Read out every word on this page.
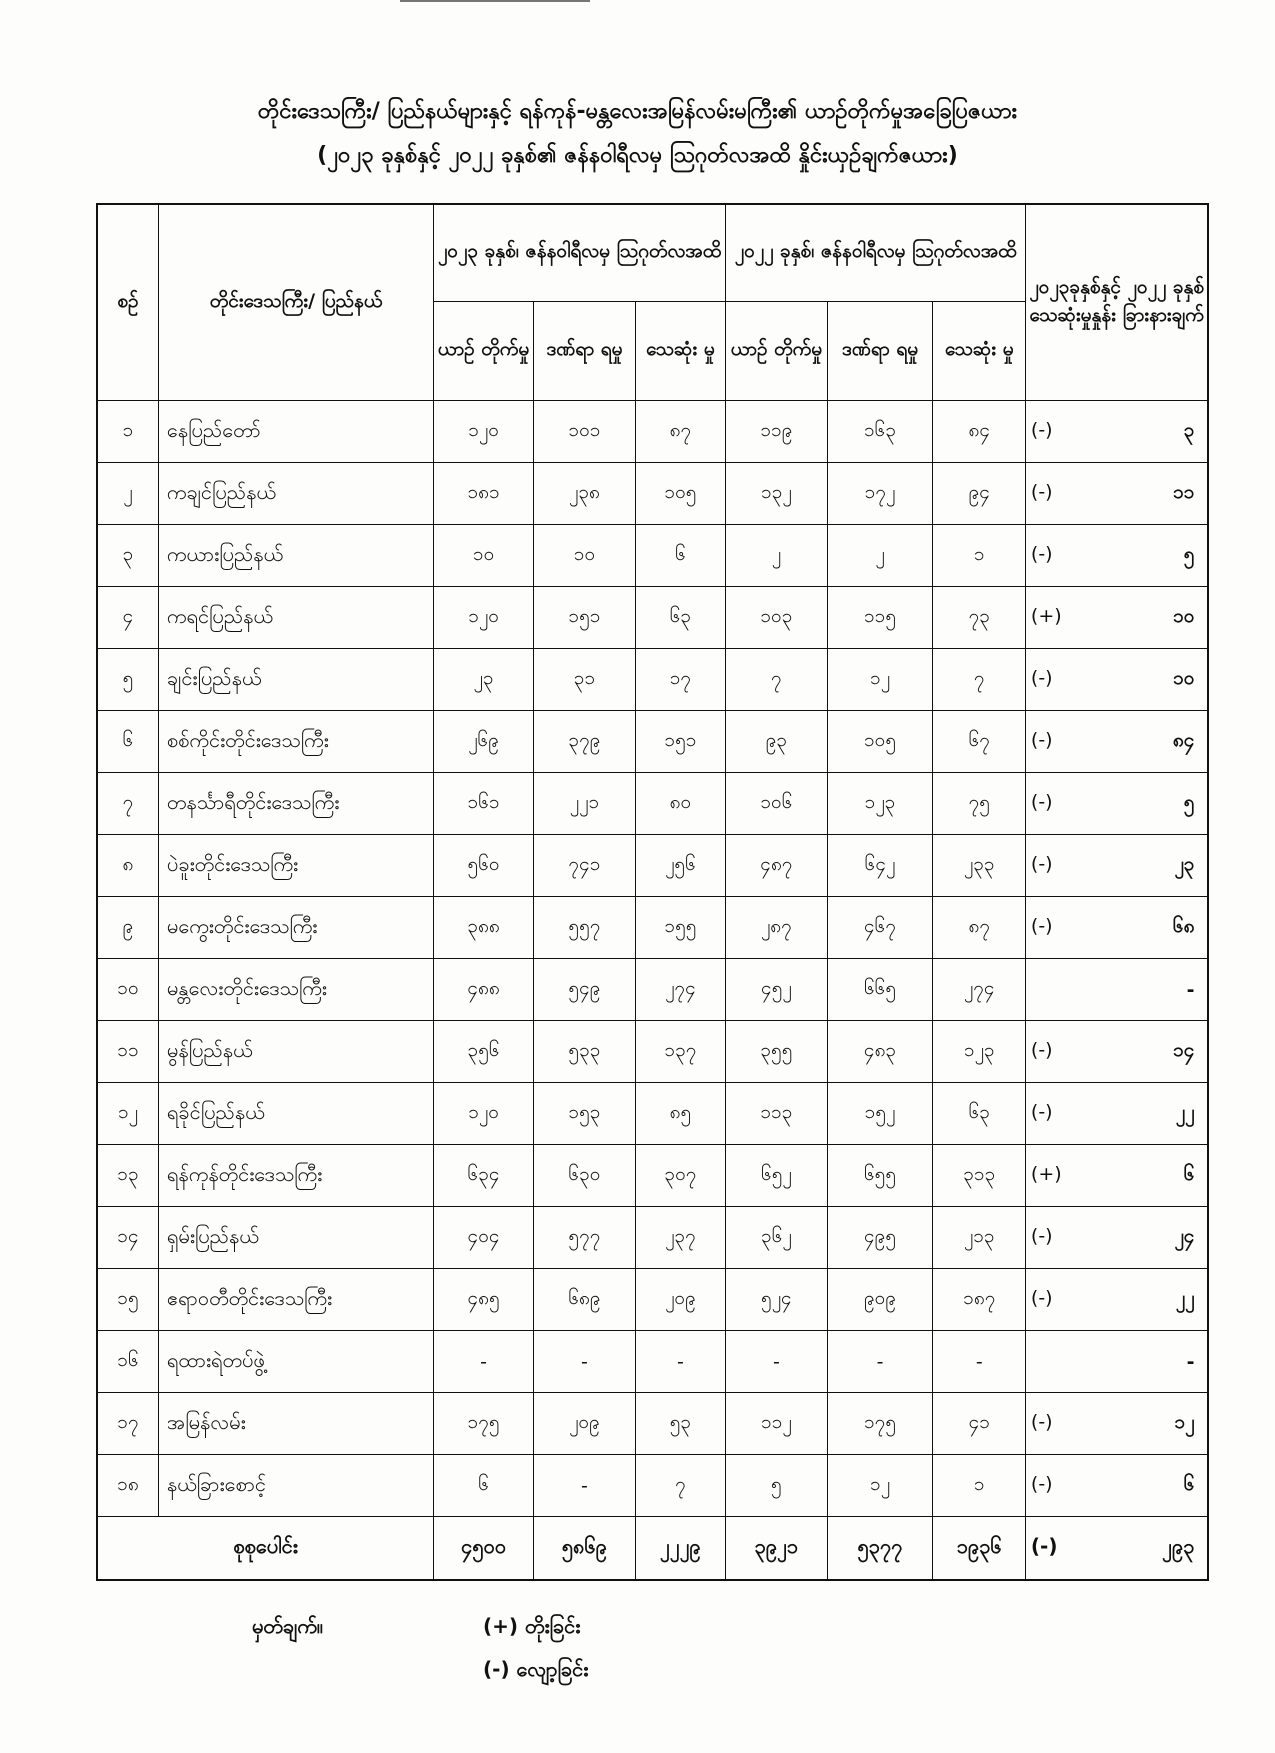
တိုင်းဒေသကြီး/ ပြည်နယ်များနှင့် ရန်ကုန်-မန္တလေးအမြန်လမ်းမကြီး၏ ယာဉ်တိုက်မှုအခြေပြဇယား
(၂၀၂၃ ခုနှစ်နှင့် ၂၀၂၂ ခုနှစ်၏ ဇန်နဝါရီလမှ ဩဂုတ်လအထိ နှိုင်းယှဉ်ချက်ဇယား)
စဉ်	တိုင်းဒေသကြီး/ ပြည်နယ်	၂၀၂၃ ခုနှစ်၊ ဇန်နဝါရီလမှ ဩဂုတ်လအထိ			၂၀၂၂ ခုနှစ်၊ ဇန်နဝါရီလမှ ဩဂုတ်လအထိ			၂၀၂၃ခုနှစ်နှင့် ၂၀၂၂ ခုနှစ် သေဆုံးမှုနှုန်း ခြားနားချက်
		ယာဉ် တိုက်မှု	ဒဏ်ရာ ရမှု	သေဆုံး မှု	ယာဉ် တိုက်မှု	ဒဏ်ရာ ရမှု	သေဆုံး မှု	
၁	နေပြည်တော်	၁၂၀	၁၀၁	၈၇	၁၁၉	၁၆၃	၈၄	(-) ၃
၂	ကချင်ပြည်နယ်	၁၈၁	၂၃၈	၁၀၅	၁၃၂	၁၇၂	၉၄	(-) ၁၁
၃	ကယားပြည်နယ်	၁၀	၁၀	၆	၂	၂	၁	(-) ၅
၄	ကရင်ပြည်နယ်	၁၂၀	၁၅၁	၆၃	၁၀၃	၁၁၅	၇၃	(+) ၁၀
၅	ချင်းပြည်နယ်	၂၃	၃၁	၁၇	၇	၁၂	၇	(-) ၁၀
၆	စစ်ကိုင်းတိုင်းဒေသကြီး	၂၆၉	၃၇၉	၁၅၁	၉၃	၁၀၅	၆၇	(-) ၈၄
၇	တနင်္သာရီတိုင်းဒေသကြီး	၁၆၁	၂၂၁	၈၀	၁၀၆	၁၂၃	၇၅	(-) ၅
၈	ပဲခူးတိုင်းဒေသကြီး	၅၆၀	၇၄၁	၂၅၆	၄၈၇	၆၄၂	၂၃၃	(-) ၂၃
၉	မကွေးတိုင်းဒေသကြီး	၃၈၈	၅၅၇	၁၅၅	၂၈၇	၄၆၇	၈၇	(-) ၆၈
၁၀	မန္တလေးတိုင်းဒေသကြီး	၄၈၈	၅၄၉	၂၇၄	၄၅၂	၆၆၅	၂၇၄	-
၁၁	မွန်ပြည်နယ်	၃၅၆	၅၃၃	၁၃၇	၃၅၅	၄၈၃	၁၂၃	(-) ၁၄
၁၂	ရခိုင်ပြည်နယ်	၁၂၀	၁၅၃	၈၅	၁၁၃	၁၅၂	၆၃	(-) ၂၂
၁၃	ရန်ကုန်တိုင်းဒေသကြီး	၆၃၄	၆၃၀	၃၀၇	၆၅၂	၆၅၅	၃၁၃	(+) ၆
၁၄	ရှမ်းပြည်နယ်	၄၀၄	၅၇၇	၂၃၇	၃၆၂	၄၉၅	၂၁၃	(-) ၂၄
၁၅	ဧရာဝတီတိုင်းဒေသကြီး	၄၈၅	၆၈၉	၂၀၉	၅၂၄	၉၀၉	၁၈၇	(-) ၂၂
၁၆	ရထားရဲတပ်ဖွဲ့	-	-	-	-	-	-	-
၁၇	အမြန်လမ်း	၁၇၅	၂၀၉	၅၃	၁၁၂	၁၇၅	၄၁	(-) ၁၂
၁၈	နယ်ခြားစောင့်	၆	-	၇	၅	၁၂	၁	(-) ၆
စုစုပေါင်း		၄၅၀၀	၅၈၆၉	၂၂၂၉	၃၉၂၁	၅၃၇၇	၁၉၃၆	(-) ၂၉၃
မှတ်ချက်။	(+) တိုးခြင်း
(-) လျော့ခြင်း
